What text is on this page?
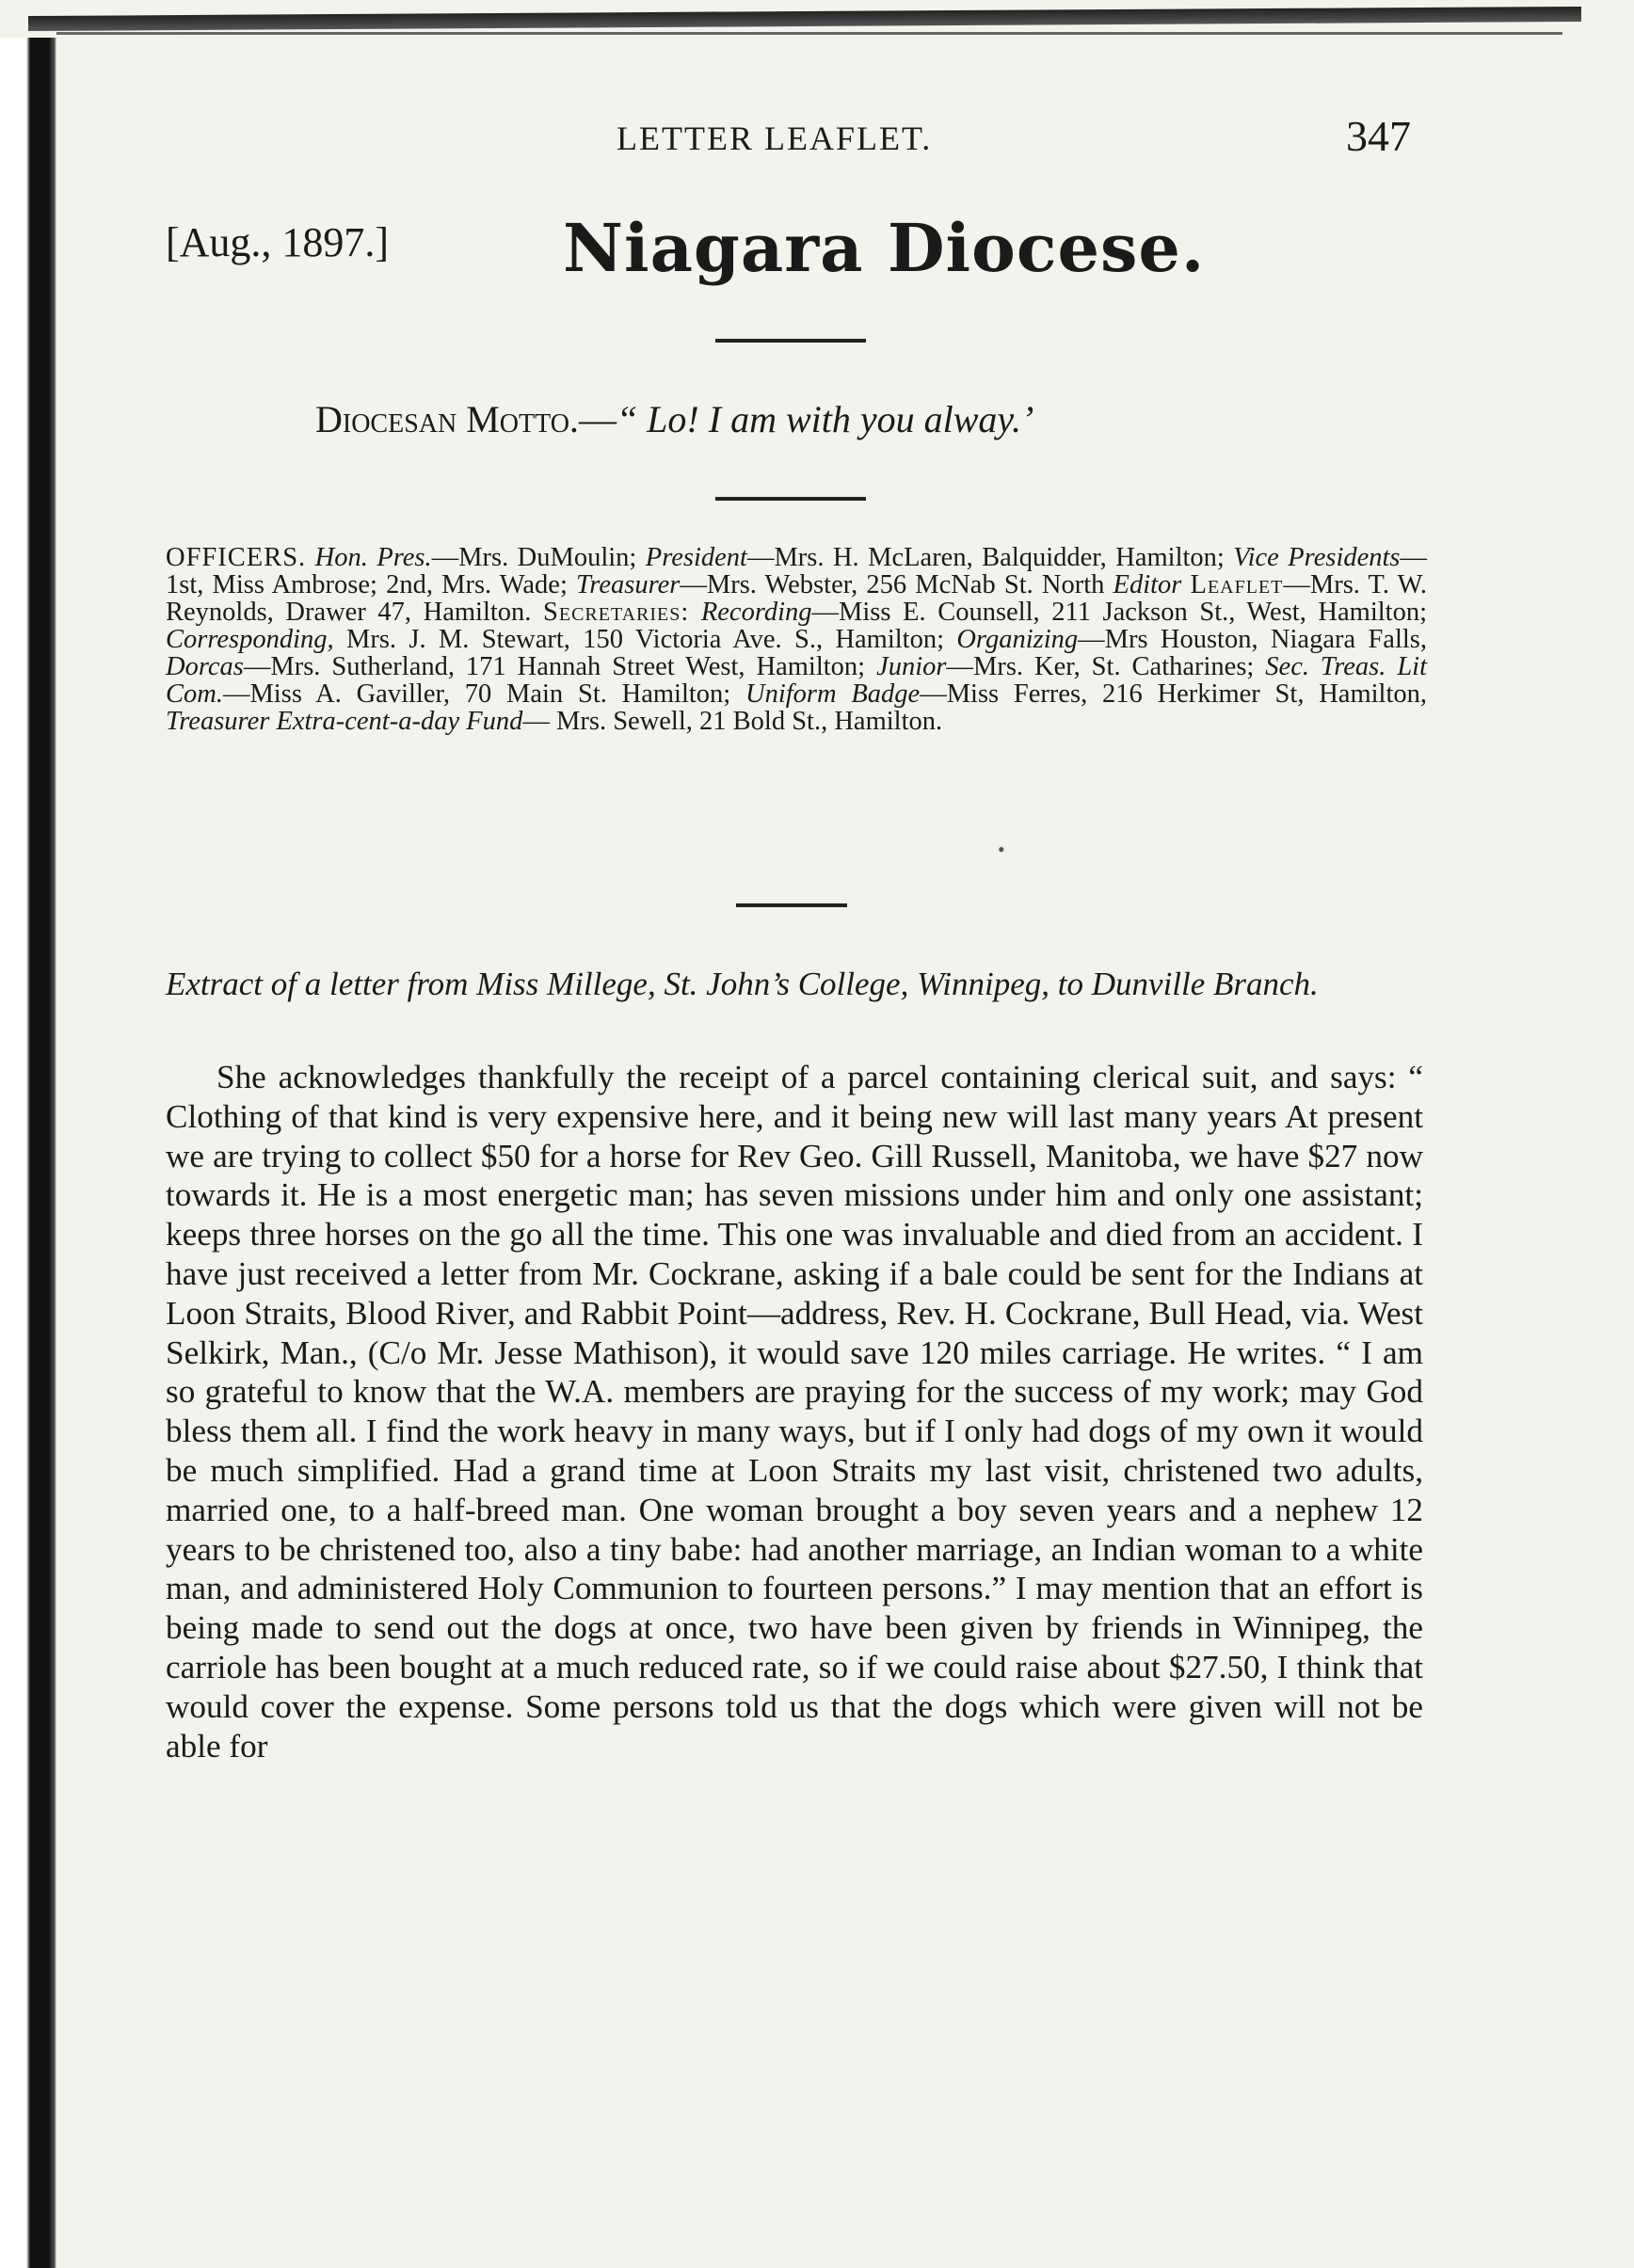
LETTER LEAFLET.	347
[Aug., 1897.]	Niagara Diocese.
Diocesan Motto.—“ Lo! I am with you alway.’
OFFICERS. Hon. Pres.—Mrs. DuMoulin; President—Mrs. H. McLaren, Balquidder, Hamilton; Vice Presidents—1st, Miss Ambrose; 2nd, Mrs. Wade; Treasurer—Mrs. Webster, 256 McNab St. North Editor Leaflet—Mrs. T. W. Reynolds, Drawer 47, Hamilton. Secretaries: Recording—Miss E. Counsell, 211 Jackson St., West, Hamilton; Corresponding, Mrs. J. M. Stewart, 150 Victoria Ave. S., Hamilton; Organizing—Mrs Houston, Niagara Falls, Dorcas—Mrs. Sutherland, 171 Hannah Street West, Hamilton; Junior—Mrs. Ker, St. Catharines; Sec. Treas. Lit Com.—Miss A. Gaviller, 70 Main St. Hamilton; Uniform Badge—Miss Ferres, 216 Herkimer St, Hamilton, Treasurer Extra-cent-a-day Fund— Mrs. Sewell, 21 Bold St., Hamilton.
•
Extract of a letter from Miss Millege, St. John’s College, Winnipeg, to Dunville Branch.
She acknowledges thankfully the receipt of a parcel containing clerical suit, and says: “ Clothing of that kind is very expensive here, and it being new will last many years At present we are trying to collect $50 for a horse for Rev Geo. Gill Russell, Manitoba, we have $27 now towards it. He is a most energetic man; has seven missions under him and only one assistant; keeps three horses on the go all the time. This one was invaluable and died from an accident. I have just received a letter from Mr. Cockrane, asking if a bale could be sent for the Indians at Loon Straits, Blood River, and Rabbit Point—address, Rev. H. Cockrane, Bull Head, via. West Selkirk, Man., (C/o Mr. Jesse Mathison), it would save 120 miles carriage. He writes. “ I am so grateful to know that the W.A. members are praying for the success of my work; may God bless them all. I find the work heavy in many ways, but if I only had dogs of my own it would be much simplified. Had a grand time at Loon Straits my last visit, christened two adults, married one, to a half-breed man. One woman brought a boy seven years and a nephew 12 years to be christened too, also a tiny babe: had another marriage, an Indian woman to a white man, and administered Holy Communion to fourteen persons.” I may mention that an effort is being made to send out the dogs at once, two have been given by friends in Winnipeg, the carriole has been bought at a much reduced rate, so if we could raise about $27.50, I think that would cover the expense. Some persons told us that the dogs which were given will not be able for
